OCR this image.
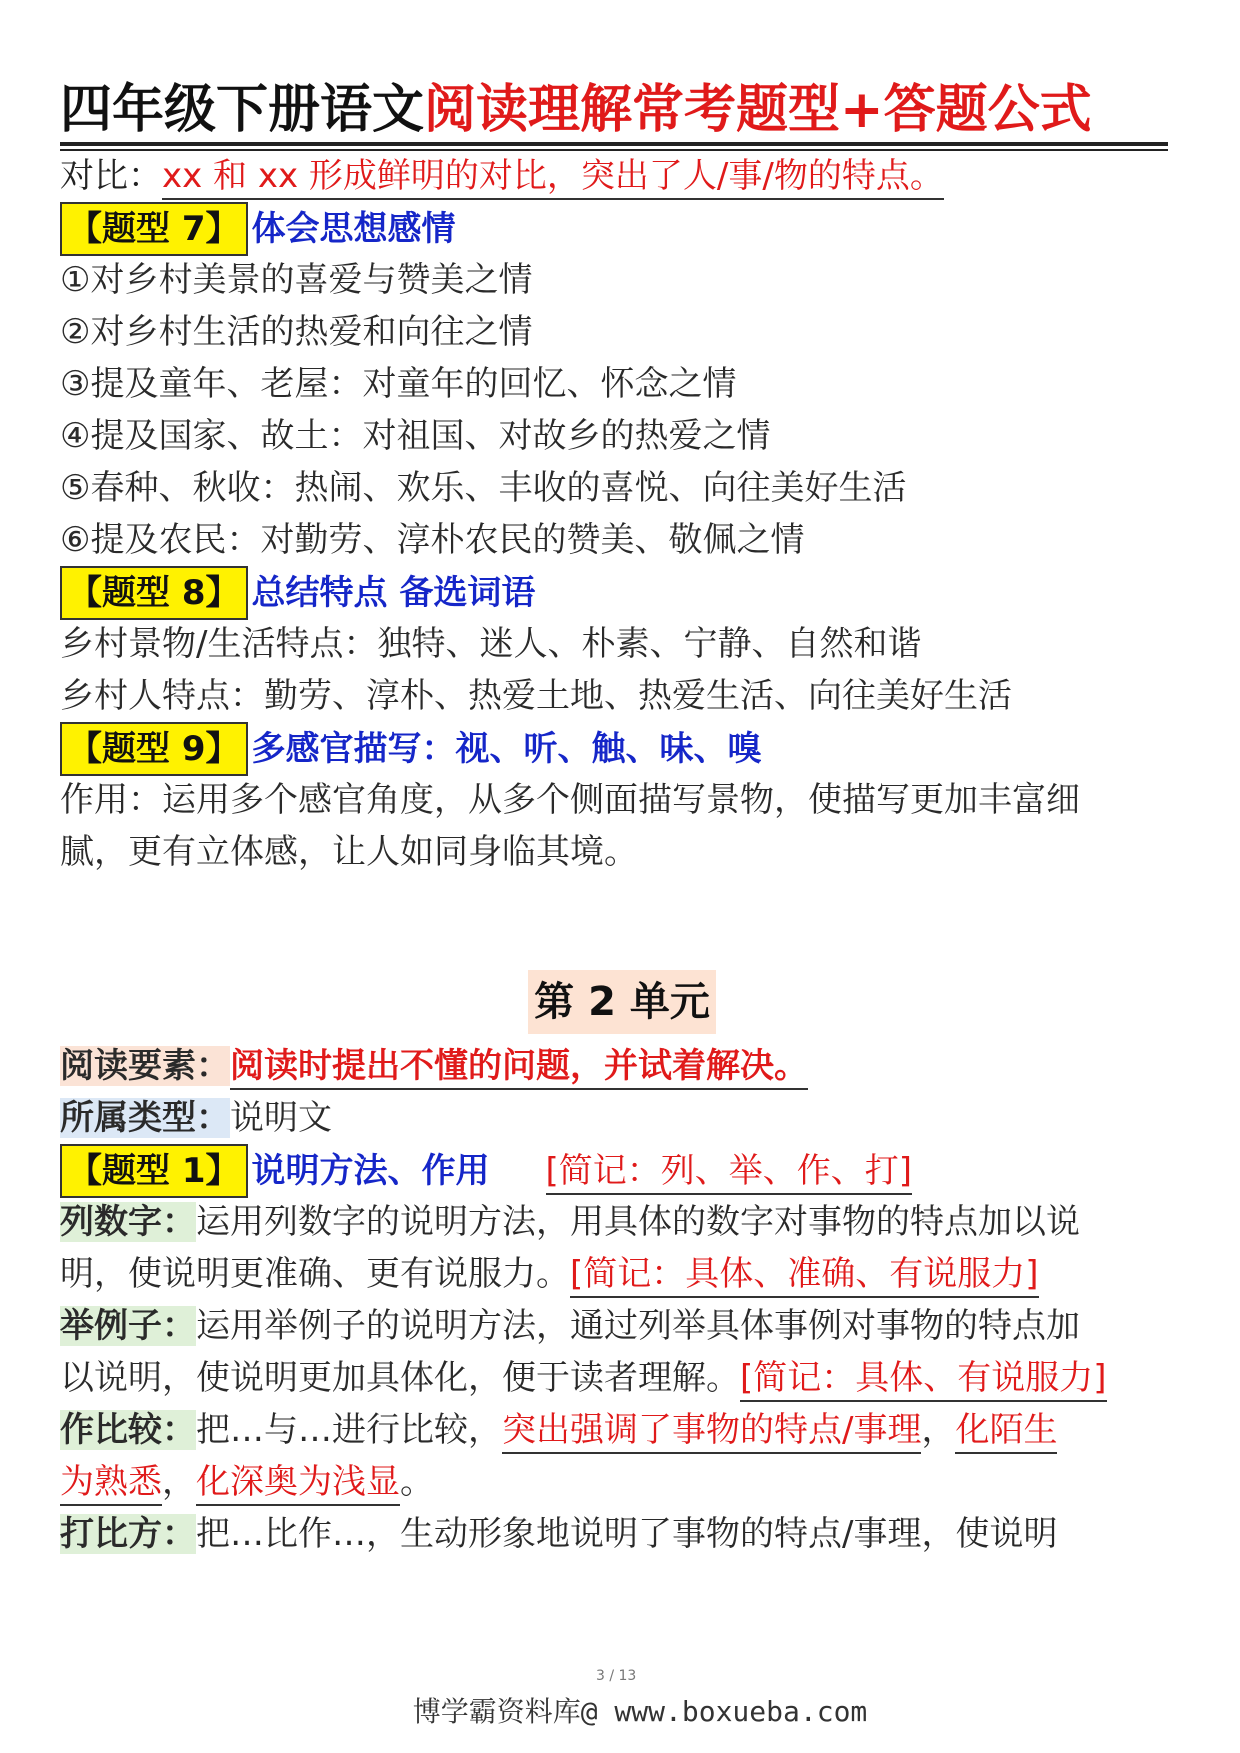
四年级下册语文阅读理解常考题型+答题公式
对比：xx 和 xx 形成鲜明的对比，突出了人/事/物的特点。
【题型 7】 体会思想感情
①对乡村美景的喜爱与赞美之情
②对乡村生活的热爱和向往之情
③提及童年、老屋：对童年的回忆、怀念之情
④提及国家、故土：对祖国、对故乡的热爱之情
⑤春种、秋收：热闹、欢乐、丰收的喜悦、向往美好生活
⑥提及农民：对勤劳、淳朴农民的赞美、敬佩之情
【题型 8】 总结特点 备选词语
乡村景物/生活特点：独特、迷人、朴素、宁静、自然和谐
乡村人特点：勤劳、淳朴、热爱土地、热爱生活、向往美好生活
【题型 9】 多感官描写：视、听、触、味、嗅
作用：运用多个感官角度，从多个侧面描写景物，使描写更加丰富细
腻，更有立体感，让人如同身临其境。
第 2 单元
阅读要素：阅读时提出不懂的问题，并试着解决。
所属类型：说明文
【题型 1】 说明方法、作用 [简记：列、举、作、打]
列数字：运用列数字的说明方法，用具体的数字对事物的特点加以说
明，使说明更准确、更有说服力。[简记：具体、准确、有说服力]
举例子：运用举例子的说明方法，通过列举具体事例对事物的特点加
以说明，使说明更加具体化，便于读者理解。[简记：具体、有说服力]
作比较：把…与…进行比较，突出强调了事物的特点/事理，化陌生
为熟悉，化深奥为浅显。
打比方：把…比作…，生动形象地说明了事物的特点/事理，使说明
3 / 13
博学霸资料库@ www.boxueba.com
